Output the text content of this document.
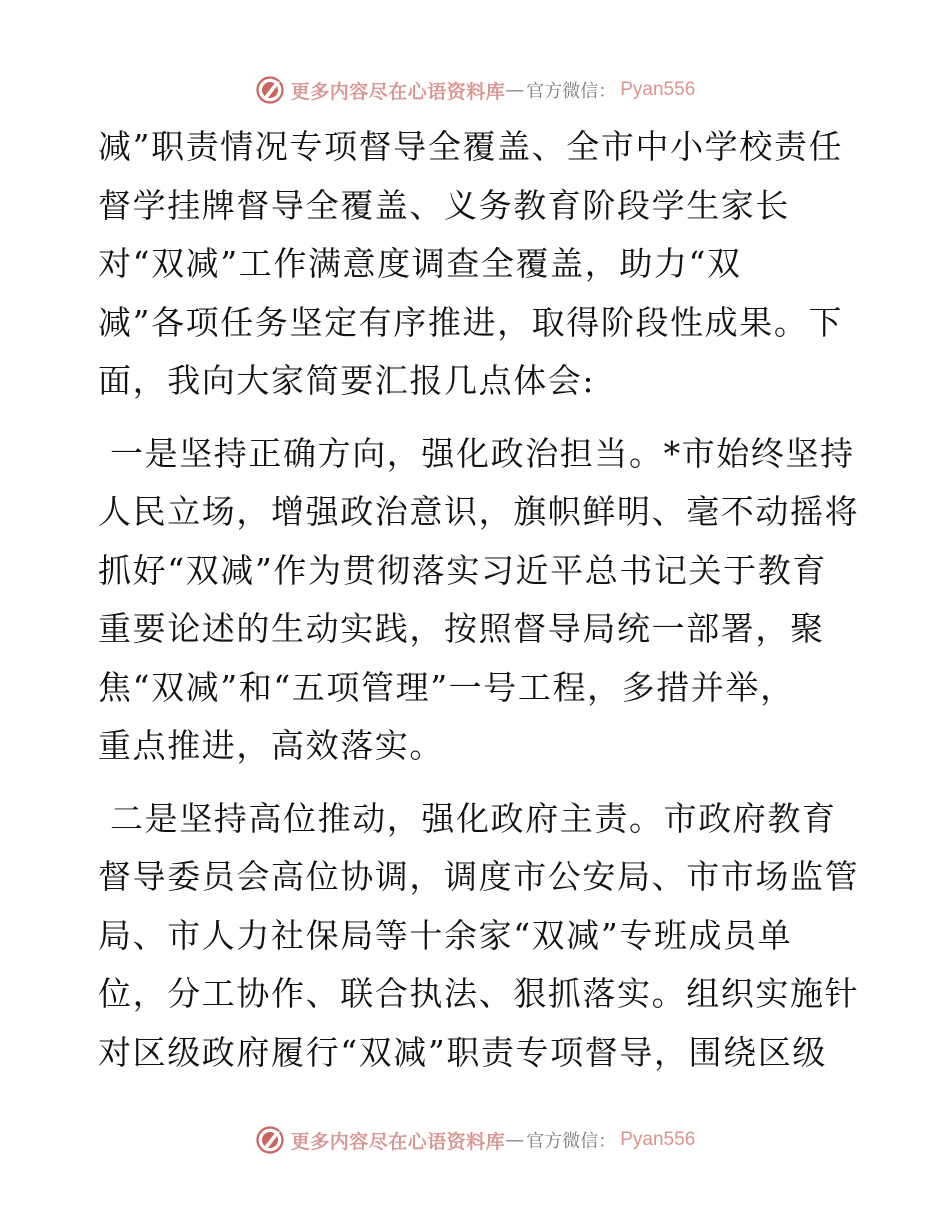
更多内容尽在心语资料库 — 官方微信： Pyan556
减”职责情况专项督导全覆盖、全市中小学校责任
督学挂牌督导全覆盖、义务教育阶段学生家长
对“双减”工作满意度调查全覆盖，助力“双
减”各项任务坚定有序推进，取得阶段性成果。下
面，我向大家简要汇报几点体会:
一是坚持正确方向，强化政治担当。*市始终坚持
人民立场，增强政治意识，旗帜鲜明、毫不动摇将
抓好“双减”作为贯彻落实习近平总书记关于教育
重要论述的生动实践，按照督导局统一部署，聚
焦“双减”和“五项管理”一号工程，多措并举，
重点推进，高效落实。
二是坚持高位推动，强化政府主责。市政府教育
督导委员会高位协调，调度市公安局、市市场监管
局、市人力社保局等十余家“双减”专班成员单
位，分工协作、联合执法、狠抓落实。组织实施针
对区级政府履行“双减”职责专项督导，围绕区级
更多内容尽在心语资料库 — 官方微信： Pyan556
